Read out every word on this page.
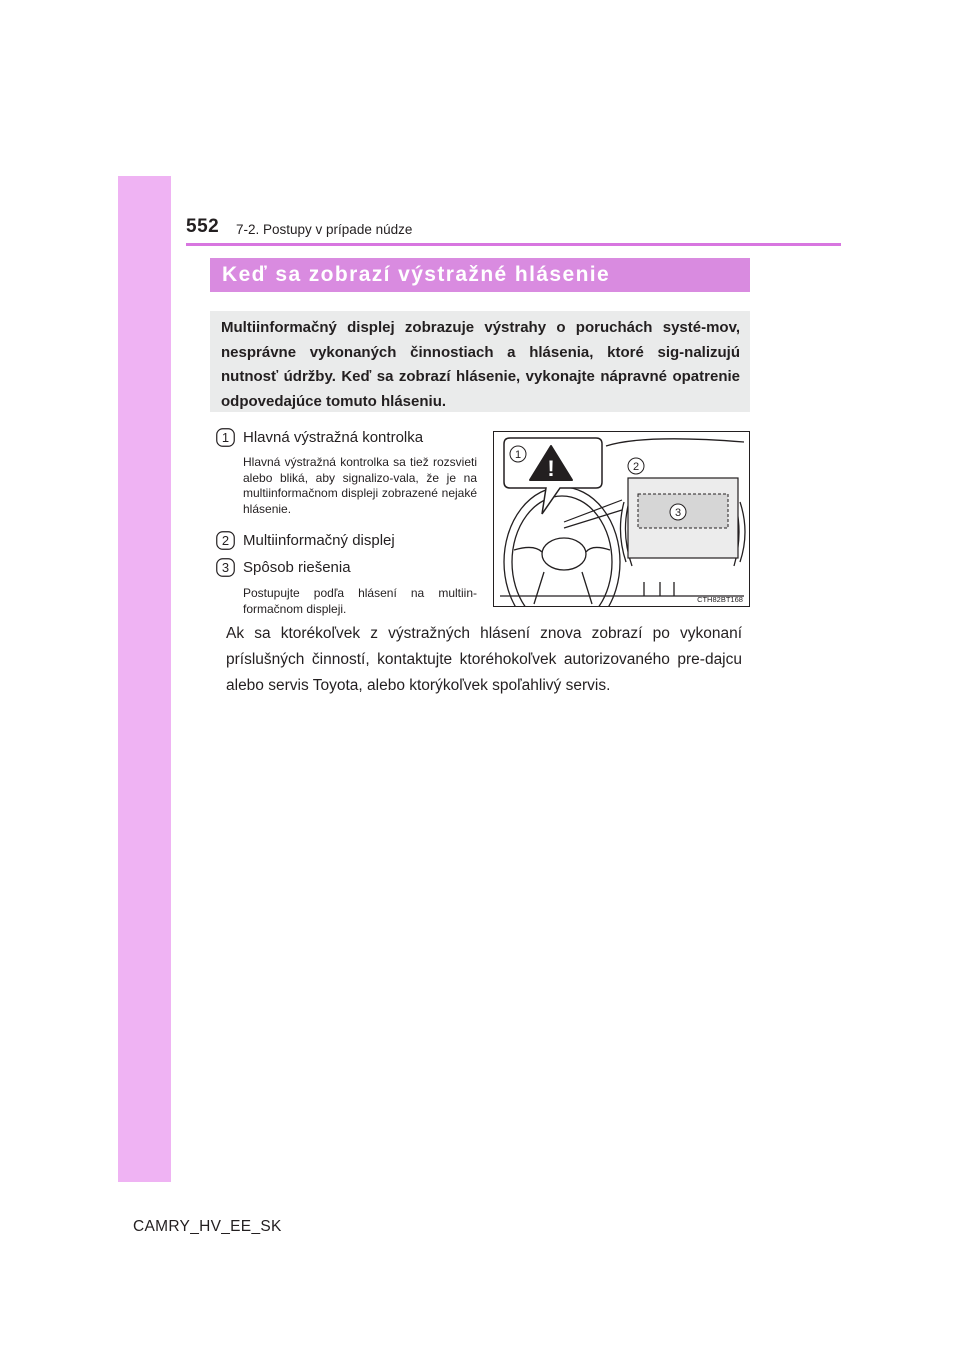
552 7-2. Postupy v prípade núdze
Keď sa zobrazí výstražné hlásenie
Multiinformačný displej zobrazuje výstrahy o poruchách systé-mov, nesprávne vykonaných činnostiach a hlásenia, ktoré sig-nalizujú nutnosť údržby. Keď sa zobrazí hlásenie, vykonajte nápravné opatrenie odpovedajúce tomuto hláseniu.
1 Hlavná výstražná kontrolka
Hlavná výstražná kontrolka sa tiež rozsvieti alebo bliká, aby signalizo-vala, že je na multiinformačnom displeji zobrazené nejaké hlásenie.
2 Multiinformačný displej
3 Spôsob riešenia
Postupujte podľa hlásení na multiin-formačnom displeji.
!
1
2
3
CTH82BT168
Ak sa ktorékoľvek z výstražných hlásení znova zobrazí po vykonaní príslušných činností, kontaktujte ktoréhokoľvek autorizovaného pre-dajcu alebo servis Toyota, alebo ktorýkoľvek spoľahlivý servis.
CAMRY_HV_EE_SK
